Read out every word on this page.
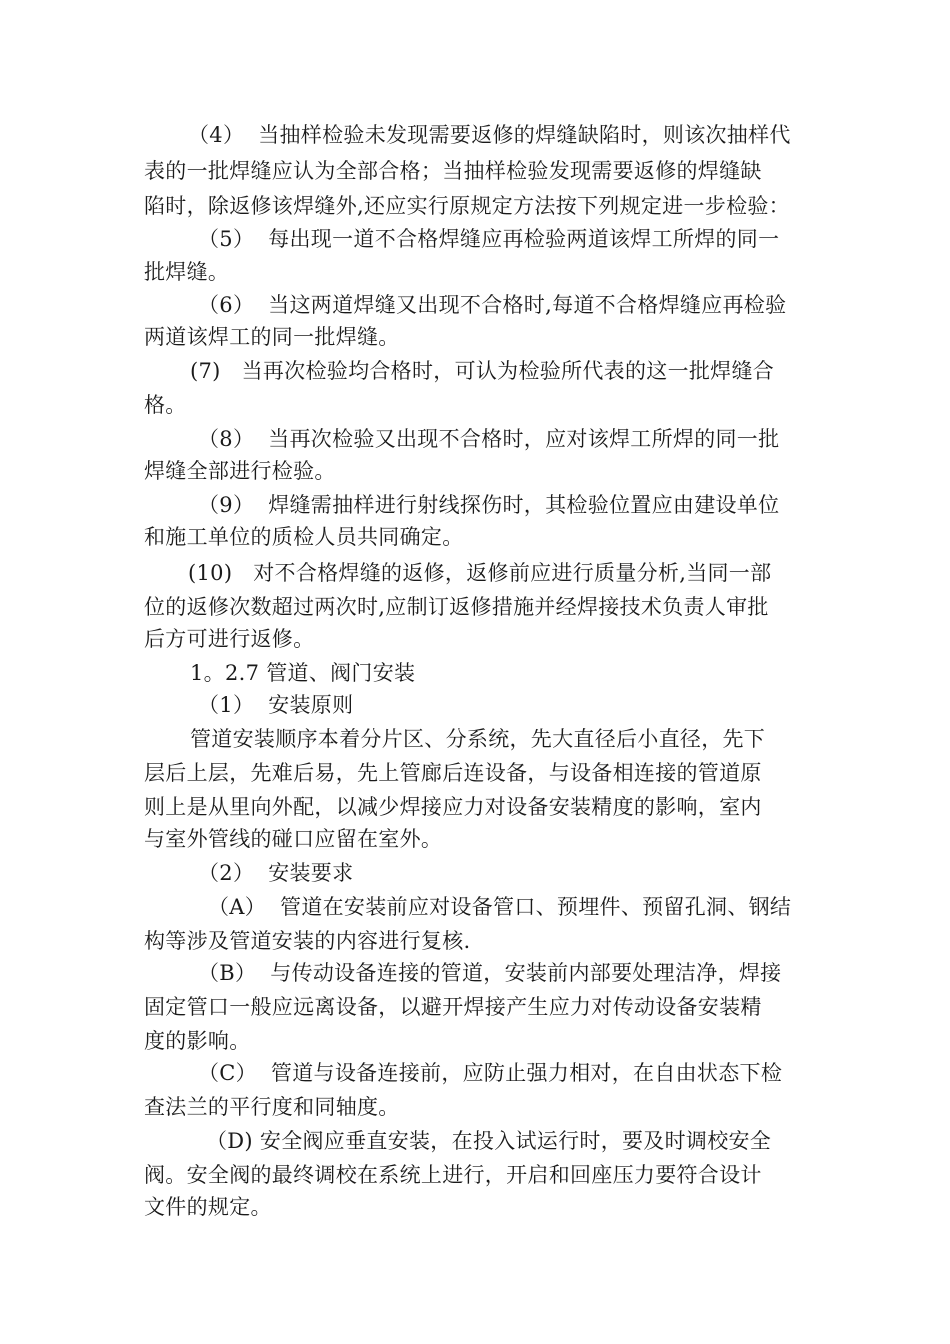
（4）  当抽样检验未发现需要返修的焊缝缺陷时，则该次抽样代
表的一批焊缝应认为全部合格；当抽样检验发现需要返修的焊缝缺
陷时，除返修该焊缝外,还应实行原规定方法按下列规定进一步检验：
（5）  每出现一道不合格焊缝应再检验两道该焊工所焊的同一
批焊缝。
（6）  当这两道焊缝又出现不合格时,每道不合格焊缝应再检验
两道该焊工的同一批焊缝。
(7)   当再次检验均合格时，可认为检验所代表的这一批焊缝合
格。
（8）  当再次检验又出现不合格时，应对该焊工所焊的同一批
焊缝全部进行检验。
（9）  焊缝需抽样进行射线探伤时，其检验位置应由建设单位
和施工单位的质检人员共同确定。
(10)   对不合格焊缝的返修，返修前应进行质量分析,当同一部
位的返修次数超过两次时,应制订返修措施并经焊接技术负责人审批
后方可进行返修。
1。2.7 管道、阀门安装
（1）  安装原则
管道安装顺序本着分片区、分系统，先大直径后小直径，先下
层后上层，先难后易，先上管廊后连设备，与设备相连接的管道原
则上是从里向外配，以减少焊接应力对设备安装精度的影响，室内
与室外管线的碰口应留在室外。
（2）  安装要求
（A）  管道在安装前应对设备管口、预埋件、预留孔洞、钢结
构等涉及管道安装的内容进行复核.
（B）  与传动设备连接的管道，安装前内部要处理洁净，焊接
固定管口一般应远离设备，以避开焊接产生应力对传动设备安装精
度的影响。
（C）  管道与设备连接前，应防止强力相对，在自由状态下检
查法兰的平行度和同轴度。
（D) 安全阀应垂直安装，在投入试运行时，要及时调校安全
阀。安全阀的最终调校在系统上进行，开启和回座压力要符合设计
文件的规定。
